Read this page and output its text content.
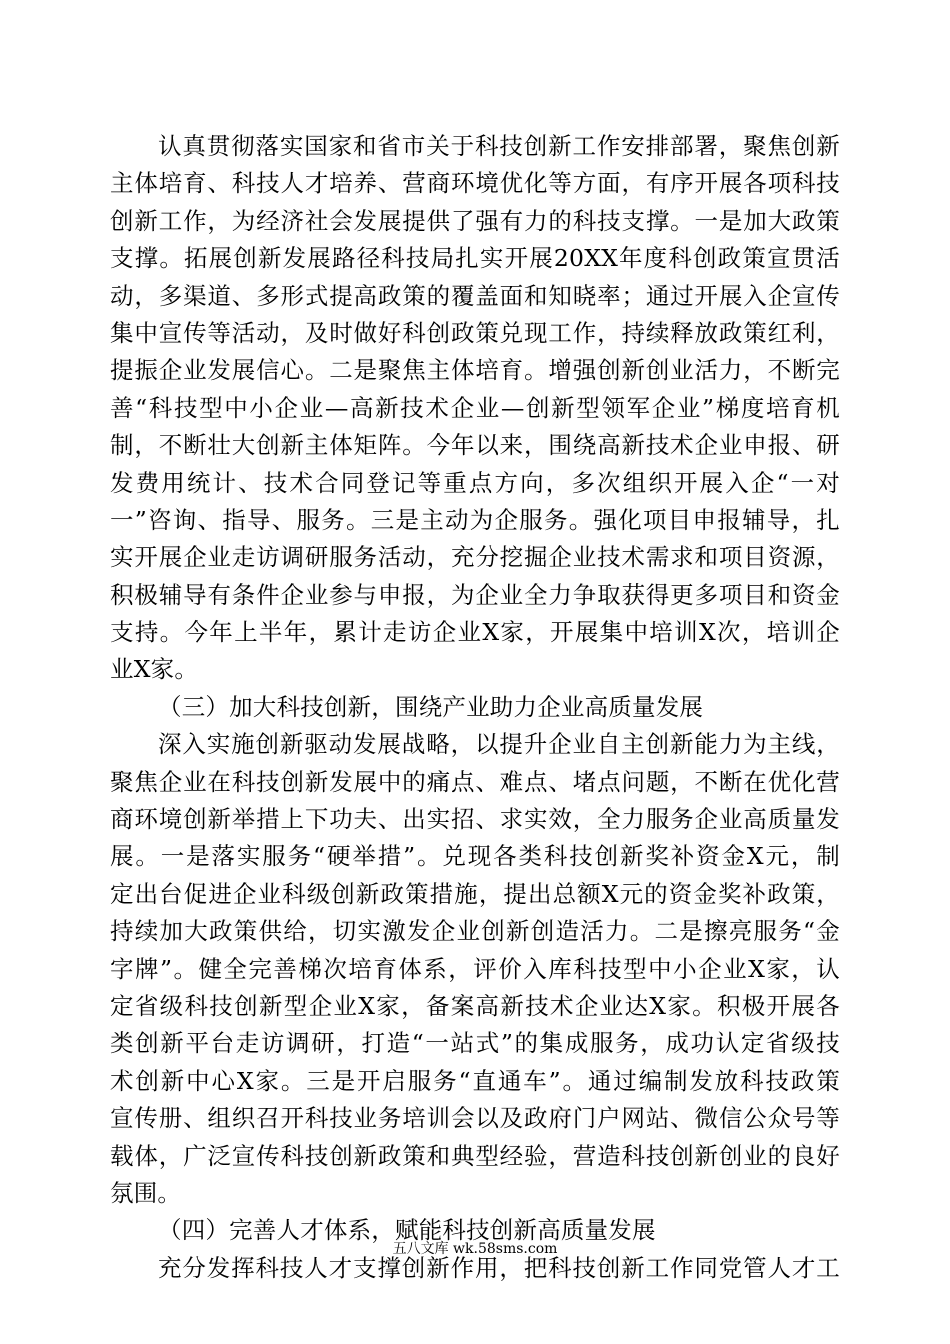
认真贯彻落实国家和省市关于科技创新工作安排部署，聚焦创新
主体培育、科技人才培养、营商环境优化等方面，有序开展各项科技
创新工作，为经济社会发展提供了强有力的科技支撑。一是加大政策
支撑。拓展创新发展路径科技局扎实开展20XX年度科创政策宣贯活
动，多渠道、多形式提高政策的覆盖面和知晓率；通过开展入企宣传
集中宣传等活动，及时做好科创政策兑现工作，持续释放政策红利，
提振企业发展信心。二是聚焦主体培育。增强创新创业活力，不断完
善“科技型中小企业—高新技术企业—创新型领军企业”梯度培育机
制，不断壮大创新主体矩阵。今年以来，围绕高新技术企业申报、研
发费用统计、技术合同登记等重点方向，多次组织开展入企“一对
一”咨询、指导、服务。三是主动为企服务。强化项目申报辅导，扎
实开展企业走访调研服务活动，充分挖掘企业技术需求和项目资源，
积极辅导有条件企业参与申报，为企业全力争取获得更多项目和资金
支持。今年上半年，累计走访企业X家，开展集中培训X次，培训企
业X家。
（三）加大科技创新，围绕产业助力企业高质量发展
深入实施创新驱动发展战略，以提升企业自主创新能力为主线，
聚焦企业在科技创新发展中的痛点、难点、堵点问题，不断在优化营
商环境创新举措上下功夫、出实招、求实效，全力服务企业高质量发
展。一是落实服务“硬举措”。兑现各类科技创新奖补资金X元，制
定出台促进企业科级创新政策措施，提出总额X元的资金奖补政策，
持续加大政策供给，切实激发企业创新创造活力。二是擦亮服务“金
字牌”。健全完善梯次培育体系，评价入库科技型中小企业X家，认
定省级科技创新型企业X家，备案高新技术企业达X家。积极开展各
类创新平台走访调研，打造“一站式”的集成服务，成功认定省级技
术创新中心X家。三是开启服务“直通车”。通过编制发放科技政策
宣传册、组织召开科技业务培训会以及政府门户网站、微信公众号等
载体，广泛宣传科技创新政策和典型经验，营造科技创新创业的良好
氛围。
（四）完善人才体系，赋能科技创新高质量发展
充分发挥科技人才支撑创新作用，把科技创新工作同党管人才工
五八文库 wk.58sms.com
